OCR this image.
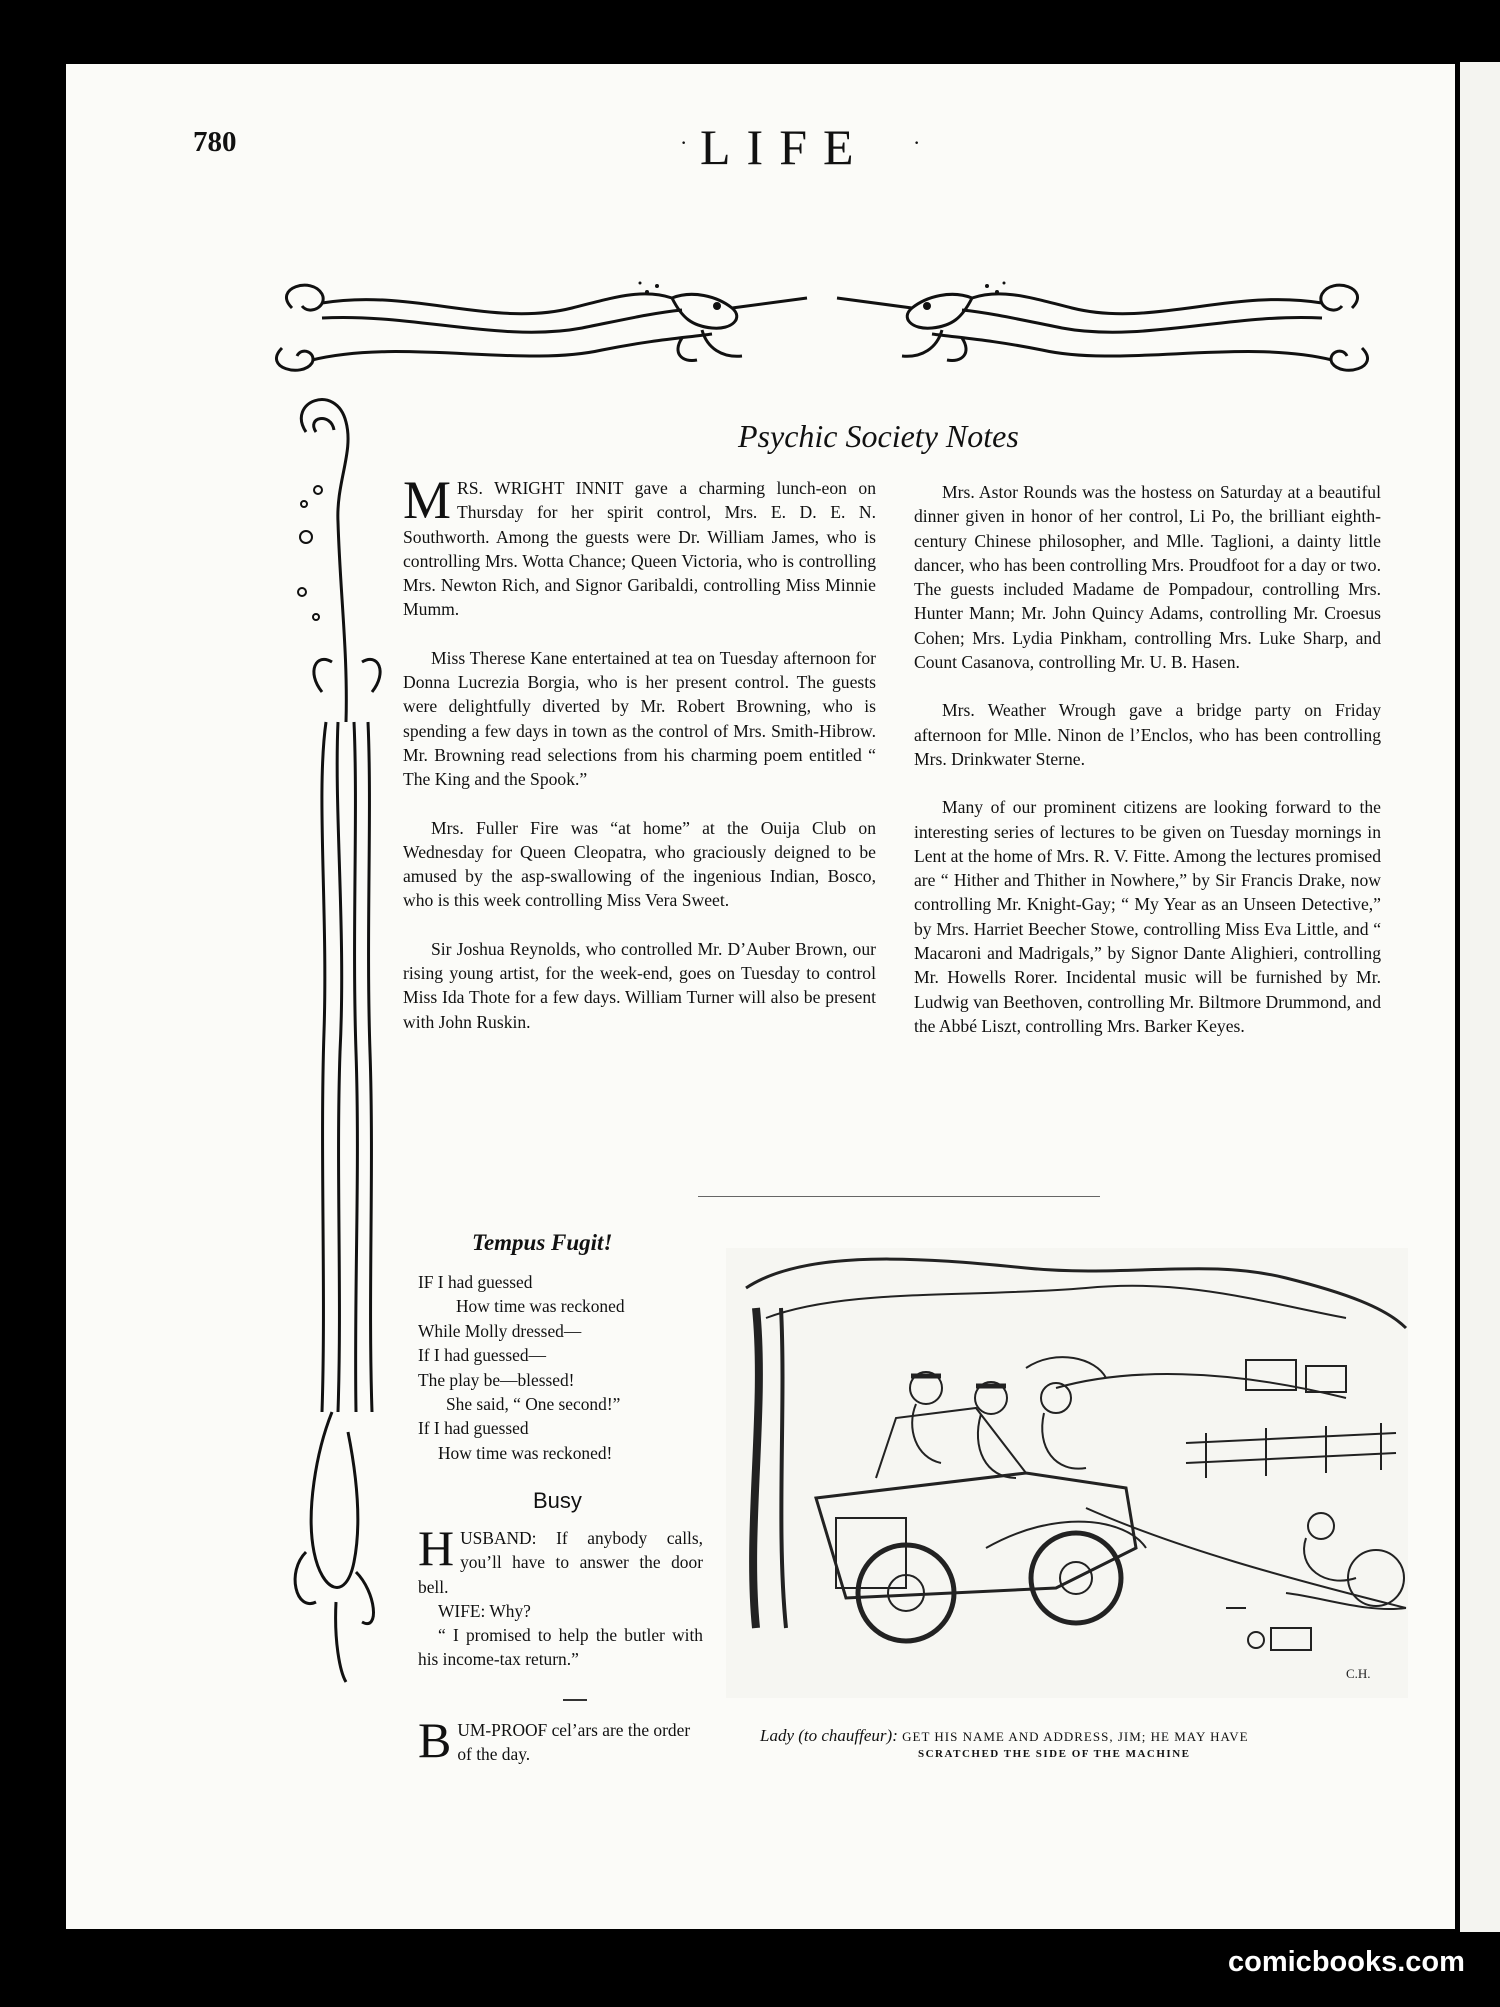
780	· LIFE ·
Psychic Society Notes

MRS. WRIGHT INNIT gave a charming lunch-eon on Thursday for her spirit control, Mrs. E. D. E. N. Southworth. Among the guests were Dr. William James, who is controlling Mrs. Wotta Chance; Queen Victoria, who is controlling Mrs. Newton Rich, and Signor Garibaldi, controlling Miss Minnie Mumm.

Miss Therese Kane entertained at tea on Tuesday afternoon for Donna Lucrezia Borgia, who is her present control. The guests were delightfully diverted by Mr. Robert Browning, who is spending a few days in town as the control of Mrs. Smith-Hibrow. Mr. Browning read selections from his charming poem entitled “ The King and the Spook.”

Mrs. Fuller Fire was “at home” at the Ouija Club on Wednesday for Queen Cleopatra, who graciously deigned to be amused by the asp-swallowing of the ingenious Indian, Bosco, who is this week controlling Miss Vera Sweet.

Sir Joshua Reynolds, who controlled Mr. D’Auber Brown, our rising young artist, for the week-end, goes on Tuesday to control Miss Ida Thote for a few days. William Turner will also be present with John Ruskin.

Mrs. Astor Rounds was the hostess on Saturday at a beautiful dinner given in honor of her control, Li Po, the brilliant eighth-century Chinese philosopher, and Mlle. Taglioni, a dainty little dancer, who has been controlling Mrs. Proudfoot for a day or two. The guests included Madame de Pompadour, controlling Mrs. Hunter Mann; Mr. John Quincy Adams, controlling Mr. Croesus Cohen; Mrs. Lydia Pinkham, controlling Mrs. Luke Sharp, and Count Casanova, controlling Mr. U. B. Hasen.

Mrs. Weather Wrough gave a bridge party on Friday afternoon for Mlle. Ninon de l’Enclos, who has been controlling Mrs. Drinkwater Sterne.

Many of our prominent citizens are looking forward to the interesting series of lectures to be given on Tuesday mornings in Lent at the home of Mrs. R. V. Fitte. Among the lectures promised are “ Hither and Thither in Nowhere,” by Sir Francis Drake, now controlling Mr. Knight-Gay; “ My Year as an Unseen Detective,” by Mrs. Harriet Beecher Stowe, controlling Miss Eva Little, and “ Macaroni and Madrigals,” by Signor Dante Alighieri, controlling Mr. Howells Rorer. Incidental music will be furnished by Mr. Ludwig van Beethoven, controlling Mr. Biltmore Drummond, and the Abbé Liszt, controlling Mrs. Barker Keyes.

Tempus Fugit!
IF I had guessed
How time was reckoned
While Molly dressed—
If I had guessed—
The play be—blessed!
She said, “ One second!”
If I had guessed
How time was reckoned!
Busy

HUSBAND: If anybody calls, you’ll have to answer the door bell.

WIFE: Why?

“ I promised to help the butler with his income-tax return.”

BUM-PROOF cel’ars are the order of the day.
C.H.
Lady (to chauffeur): GET HIS NAME AND ADDRESS, JIM; HE MAY HAVE
SCRATCHED THE SIDE OF THE MACHINE
comicbooks.com
